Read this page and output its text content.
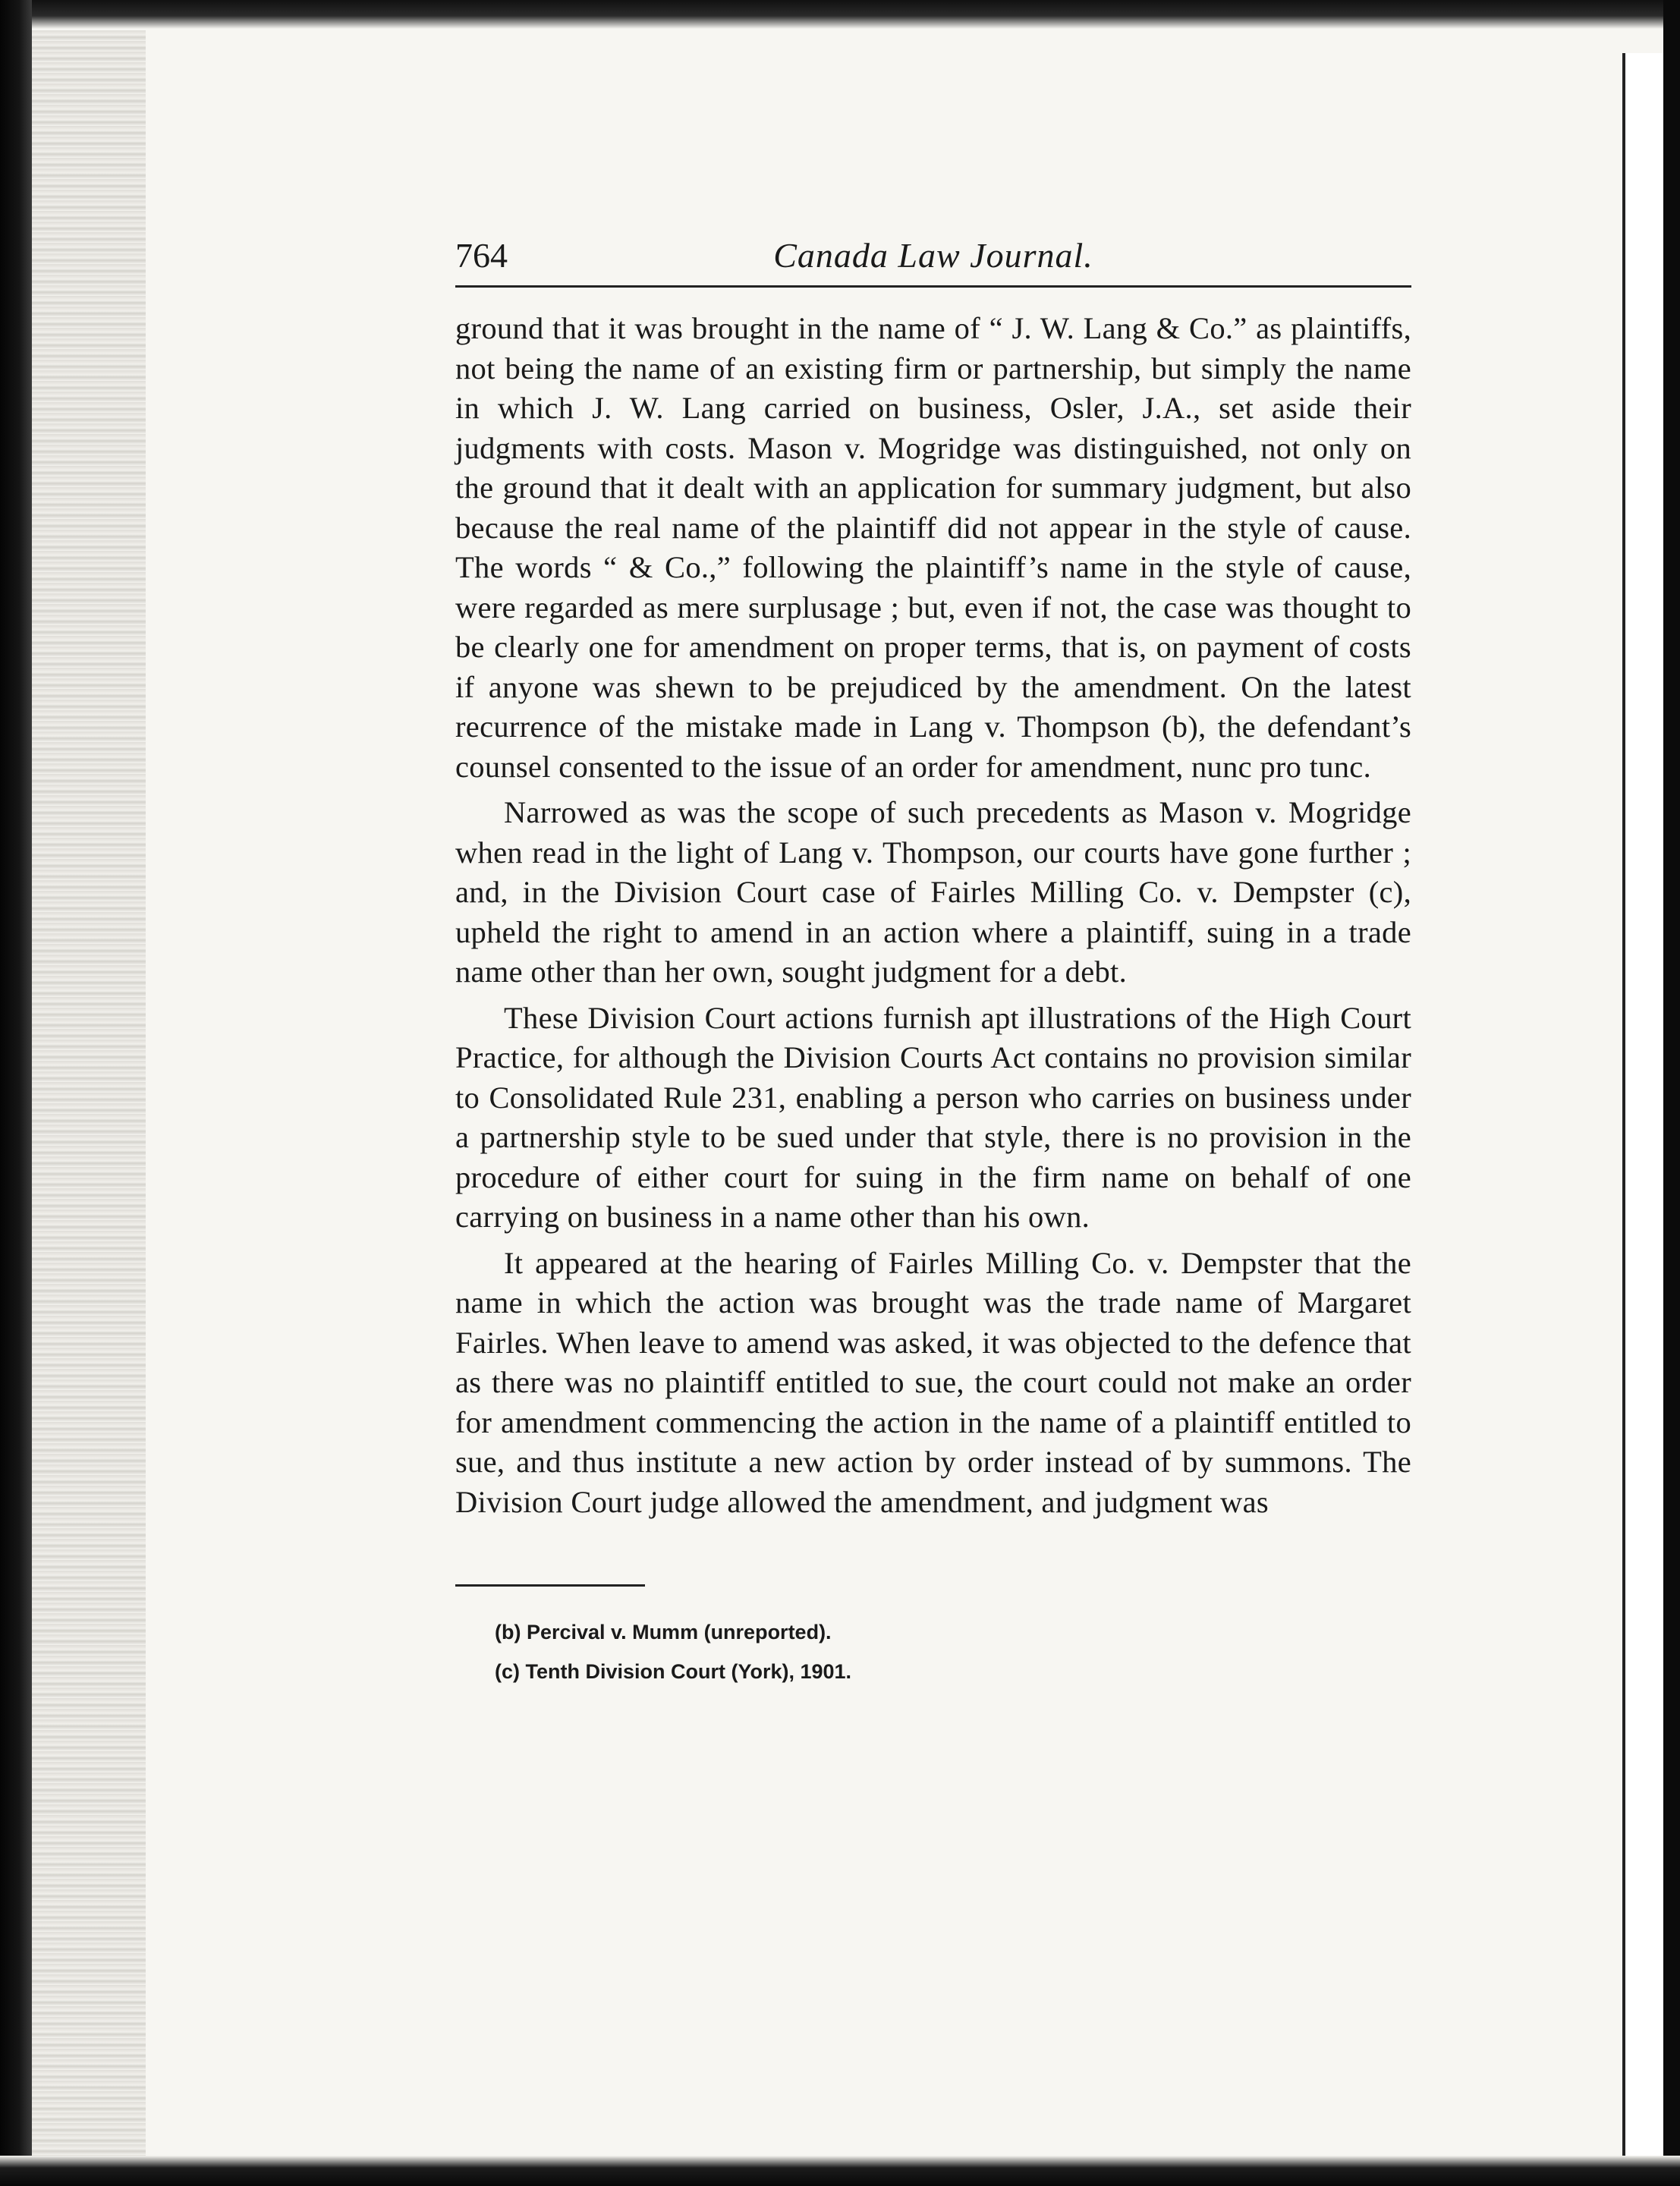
764	Canada Law Journal.

ground that it was brought in the name of “ J. W. Lang & Co.” as plaintiffs, not being the name of an existing firm or partnership, but simply the name in which J. W. Lang carried on business, Osler, J.A., set aside their judgments with costs. Mason v. Mogridge was distinguished, not only on the ground that it dealt with an application for summary judgment, but also because the real name of the plaintiff did not appear in the style of cause. The words “ & Co.,” following the plaintiff’s name in the style of cause, were regarded as mere surplusage ; but, even if not, the case was thought to be clearly one for amendment on proper terms, that is, on payment of costs if anyone was shewn to be prejudiced by the amendment. On the latest recurrence of the mistake made in Lang v. Thompson (b), the defendant’s counsel consented to the issue of an order for amendment, nunc pro tunc.

Narrowed as was the scope of such precedents as Mason v. Mogridge when read in the light of Lang v. Thompson, our courts have gone further ; and, in the Division Court case of Fairles Milling Co. v. Dempster (c), upheld the right to amend in an action where a plaintiff, suing in a trade name other than her own, sought judgment for a debt.

These Division Court actions furnish apt illustrations of the High Court Practice, for although the Division Courts Act contains no provision similar to Consolidated Rule 231, enabling a person who carries on business under a partnership style to be sued under that style, there is no provision in the procedure of either court for suing in the firm name on behalf of one carrying on business in a name other than his own.

It appeared at the hearing of Fairles Milling Co. v. Dempster that the name in which the action was brought was the trade name of Margaret Fairles. When leave to amend was asked, it was objected to the defence that as there was no plaintiff entitled to sue, the court could not make an order for amendment commencing the action in the name of a plaintiff entitled to sue, and thus institute a new action by order instead of by summons. The Division Court judge allowed the amendment, and judgment was

(b) Percival v. Mumm (unreported).
(c) Tenth Division Court (York), 1901.
